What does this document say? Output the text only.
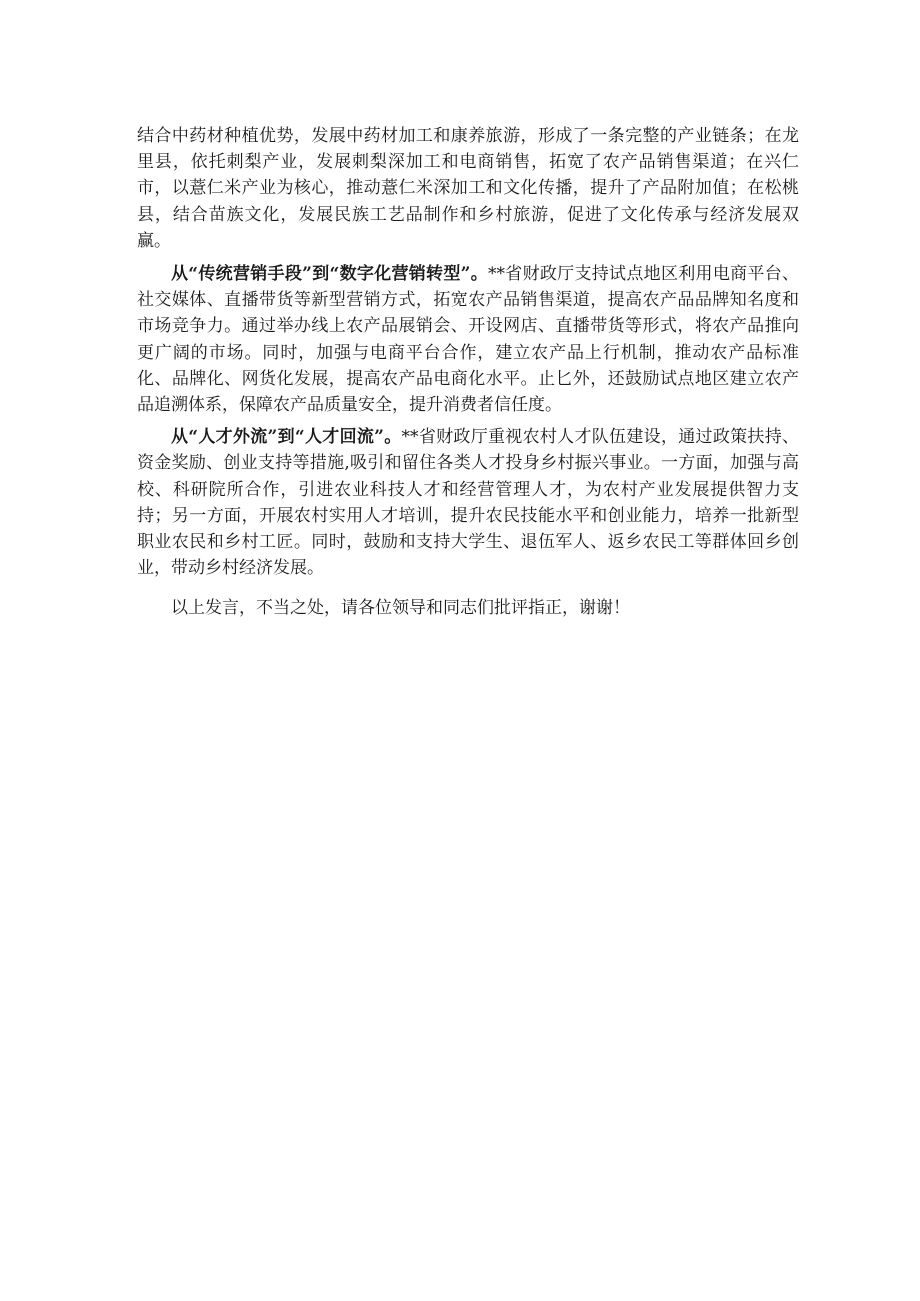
结合中药材种植优势，发展中药材加工和康养旅游，形成了一条完整的产业链条；在龙里县，依托刺梨产业，发展刺梨深加工和电商销售，拓宽了农产品销售渠道；在兴仁市，以薏仁米产业为核心，推动薏仁米深加工和文化传播，提升了产品附加值；在松桃县，结合苗族文化，发展民族工艺品制作和乡村旅游，促进了文化传承与经济发展双赢。

从“传统营销手段”到“数字化营销转型”。**省财政厅支持试点地区利用电商平台、社交媒体、直播带货等新型营销方式，拓宽农产品销售渠道，提高农产品品牌知名度和市场竞争力。通过举办线上农产品展销会、开设网店、直播带货等形式，将农产品推向更广阔的市场。同时，加强与电商平台合作，建立农产品上行机制，推动农产品标准化、品牌化、网货化发展，提高农产品电商化水平。止匕外，还鼓励试点地区建立农产品追溯体系，保障农产品质量安全，提升消费者信任度。

从“人才外流”到“人才回流”。**省财政厅重视农村人才队伍建设，通过政策扶持、资金奖励、创业支持等措施,吸引和留住各类人才投身乡村振兴事业。一方面，加强与高校、科研院所合作，引进农业科技人才和经营管理人才，为农村产业发展提供智力支持；另一方面，开展农村实用人才培训，提升农民技能水平和创业能力，培养一批新型职业农民和乡村工匠。同时，鼓励和支持大学生、退伍军人、返乡农民工等群体回乡创业，带动乡村经济发展。

以上发言，不当之处，请各位领导和同志们批评指正，谢谢！
